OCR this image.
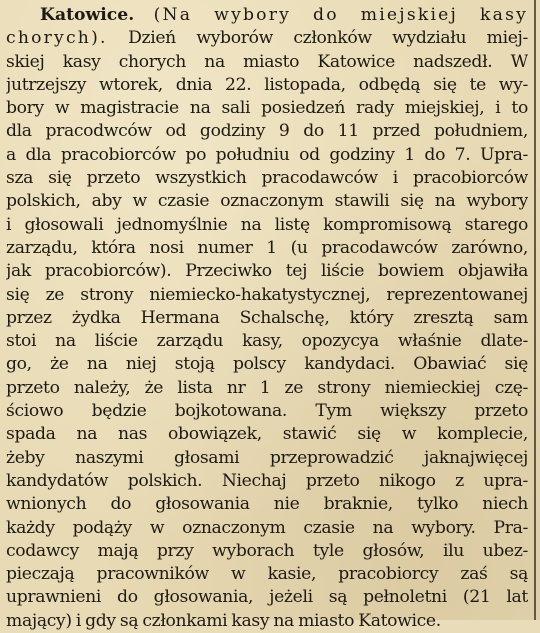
Katowice. (Na wybory do miejskiej kasy
chorych). Dzień wyborów członków wydziału miej-
skiej kasy chorych na miasto Katowice nadszedł. W
jutrzejszy wtorek, dnia 22. listopada, odbędą się te wy-
bory w magistracie na sali posiedzeń rady miejskiej, i to
dla pracodwców od godziny 9 do 11 przed południem,
a dla pracobiorców po południu od godziny 1 do 7. Upra-
sza się przeto wszystkich pracodawców i pracobiorców
polskich, aby w czasie oznaczonym stawili się na wybory
i głosowali jednomyślnie na listę kompromisową starego
zarządu, która nosi numer 1 (u pracodawców zarówno,
jak pracobiorców). Przeciwko tej liście bowiem objawiła
się ze strony niemiecko-hakatystycznej, reprezentowanej
przez żydka Hermana Schalschę, który zresztą sam
stoi na liście zarządu kasy, opozycya właśnie dlate-
go, że na niej stoją polscy kandydaci. Obawiać się
przeto należy, że lista nr 1 ze strony niemieckiej czę-
ściowo będzie bojkotowana. Tym większy przeto
spada na nas obowiązek, stawić się w komplecie,
żeby naszymi głosami przeprowadzić jaknajwięcej
kandydatów polskich. Niechaj przeto nikogo z upra-
wnionych do głosowania nie braknie, tylko niech
każdy podąży w oznaczonym czasie na wybory. Pra-
codawcy mają przy wyborach tyle głosów, ilu ubez-
pieczają pracowników w kasie, pracobiorcy zaś są
uprawnieni do głosowania, jeżeli są pełnoletni (21 lat
mający) i gdy są członkami kasy na miasto Katowice.
